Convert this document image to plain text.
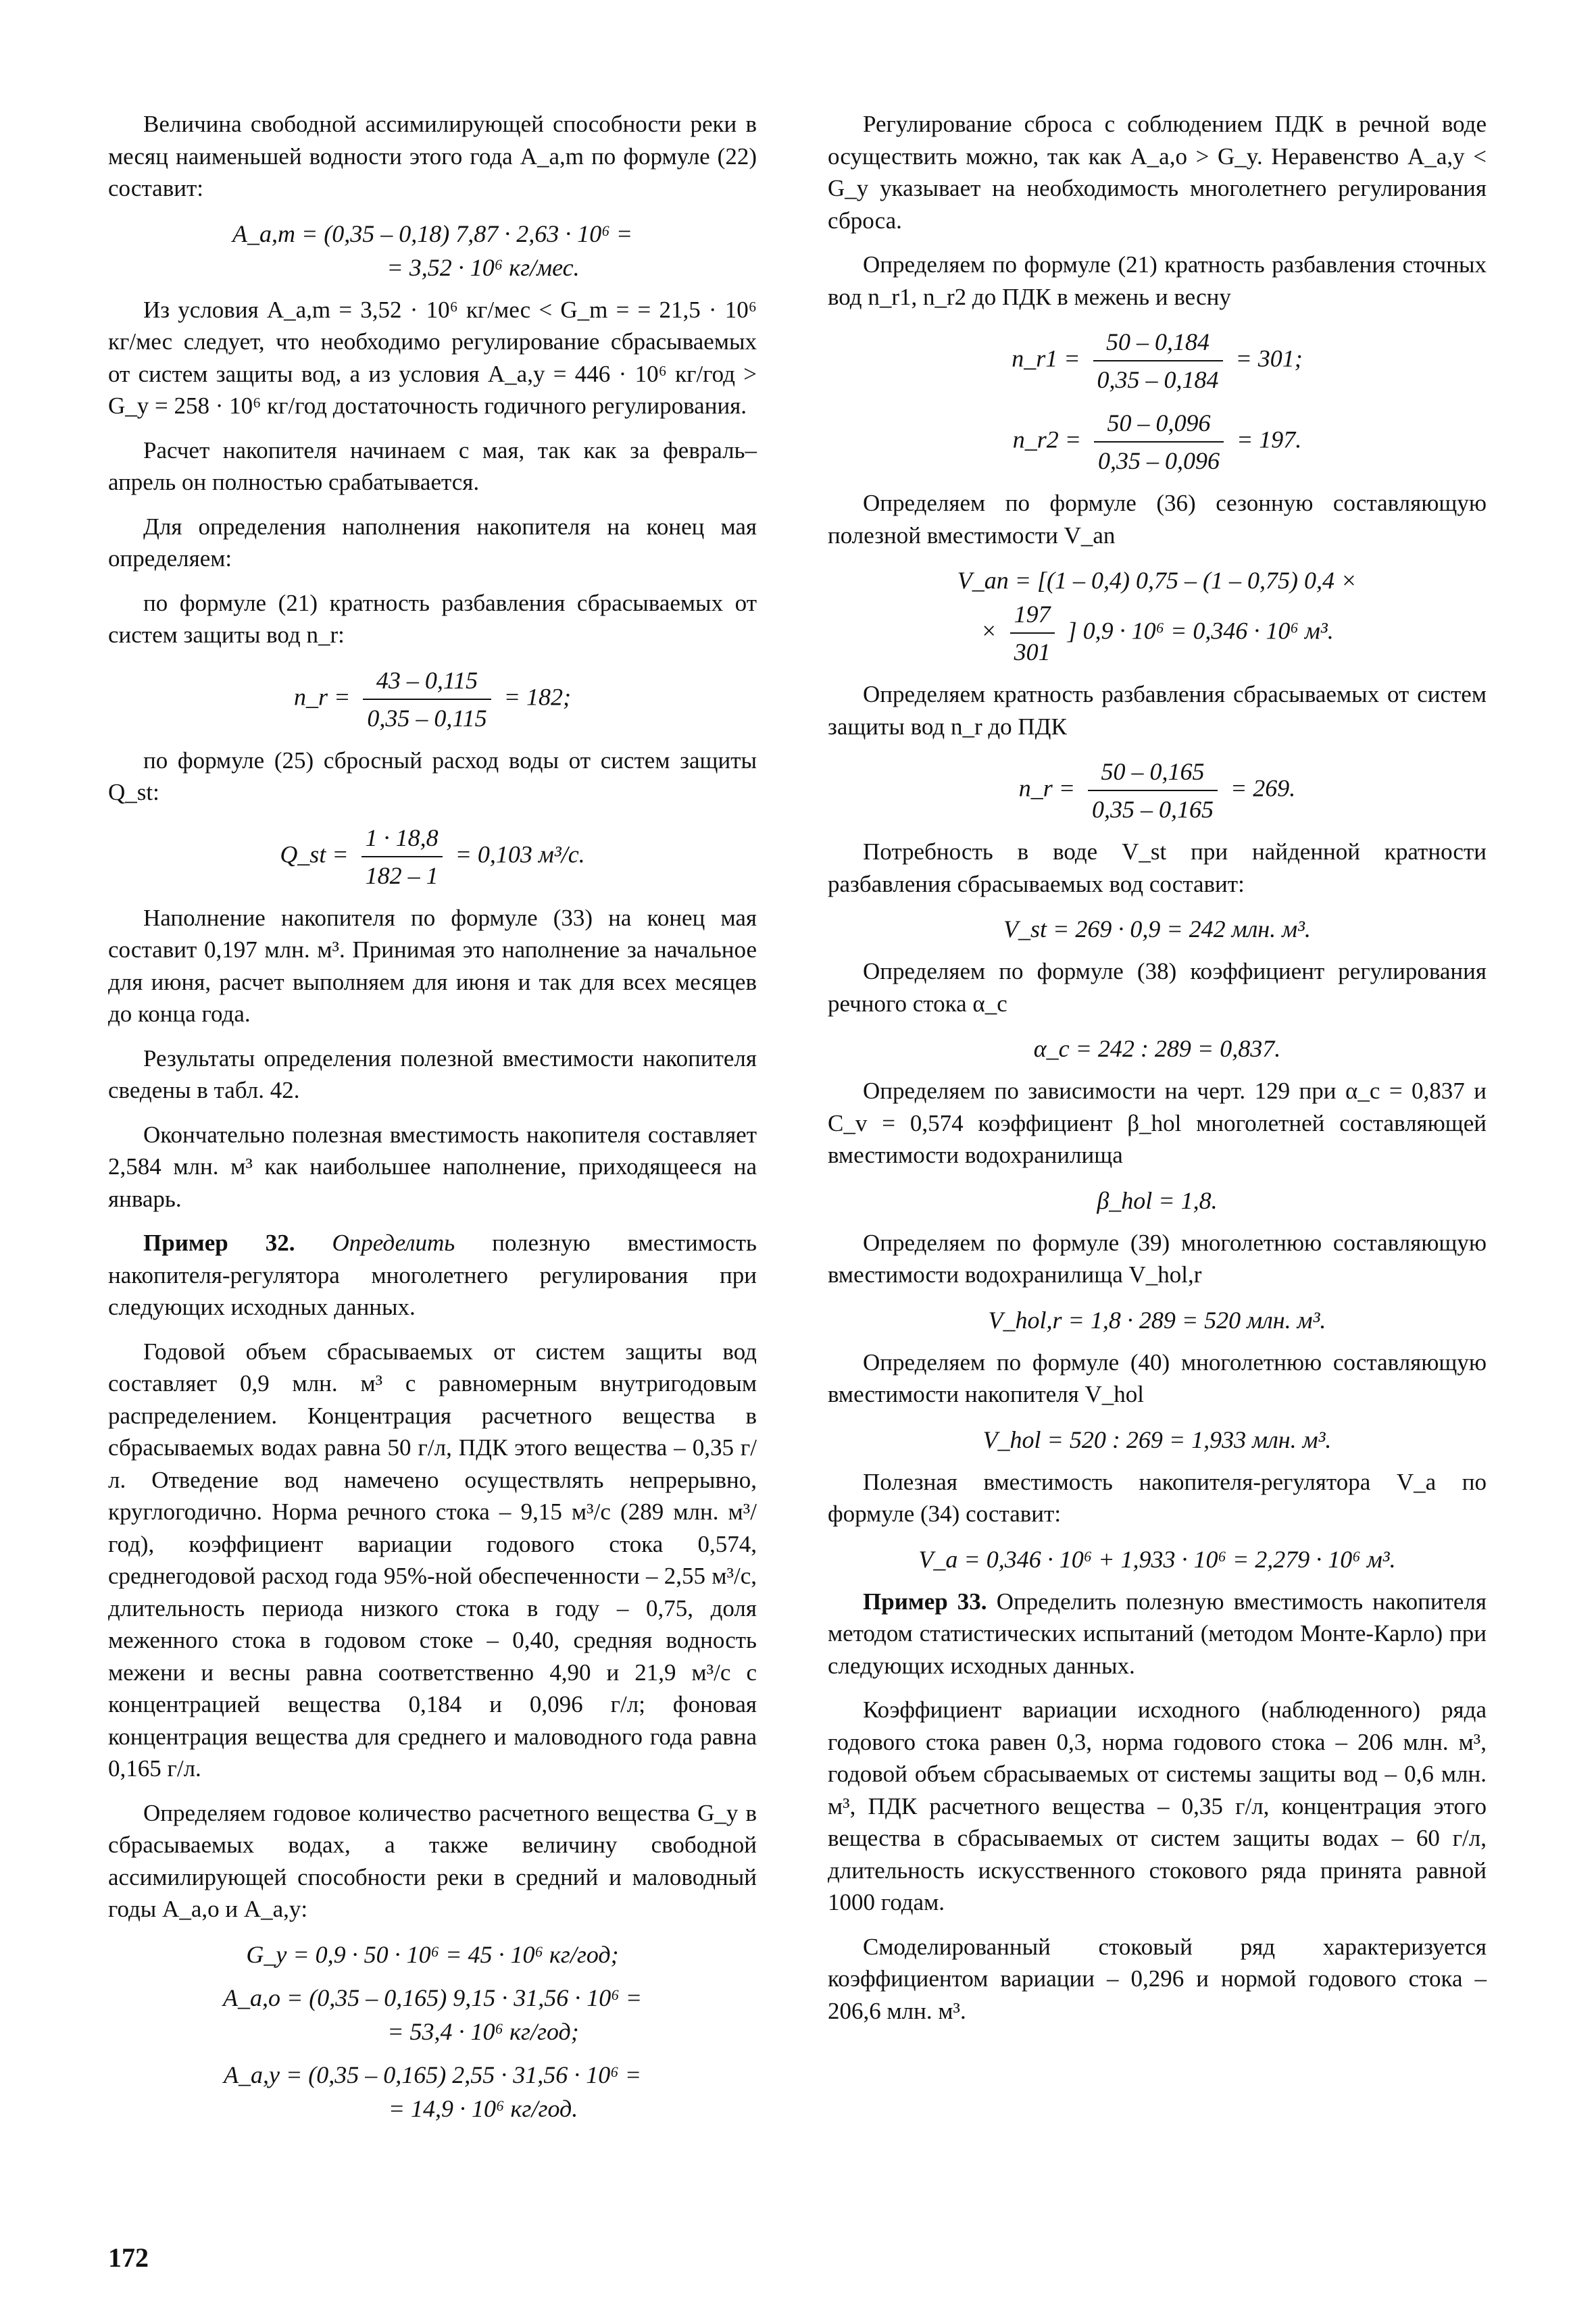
Величина свободной ассимилирующей способности реки в месяц наименьшей водности этого года A_a,m по формуле (22) составит:

A_a,m = (0,35 – 0,18) 7,87 · 2,63 · 10⁶ =
= 3,52 · 10⁶ кг/мес.

Из условия A_a,m = 3,52 · 10⁶ кг/мес < G_m = = 21,5 · 10⁶ кг/мес следует, что необходимо регулирование сбрасываемых от систем защиты вод, а из условия A_a,y = 446 · 10⁶ кг/год > G_y = 258 · 10⁶ кг/год достаточность годичного регулирования.

Расчет накопителя начинаем с мая, так как за февраль–апрель он полностью срабатывается.

Для определения наполнения накопителя на конец мая определяем:

по формуле (21) кратность разбавления сбрасываемых от систем защиты вод n_r:

n_r = $\frac{43 - 0,115}{0,35 - 0,115} = 182$;

по формуле (25) сбросный расход воды от систем защиты Q_st:

Q_st = $\frac{1 \cdot 18,8}{182 - 1} = 0,103$ м³/с.

Наполнение накопителя по формуле (33) на конец мая составит 0,197 млн. м³. Принимая это наполнение за начальное для июня, расчет выполняем для июня и так для всех месяцев до конца года.

Результаты определения полезной вместимости накопителя сведены в табл. 42.

Окончательно полезная вместимость накопителя составляет 2,584 млн. м³ как наибольшее наполнение, приходящееся на январь.

Пример 32. Определить полезную вместимость накопителя-регулятора многолетнего регулирования при следующих исходных данных.

Годовой объем сбрасываемых от систем защиты вод составляет 0,9 млн. м³ с равномерным внутригодовым распределением. Концентрация расчетного вещества в сбрасываемых водах равна 50 г/л, ПДК этого вещества – 0,35 г/л. Отведение вод намечено осуществлять непрерывно, круглогодично. Норма речного стока – 9,15 м³/с (289 млн. м³/год), коэффициент вариации годового стока 0,574, среднегодовой расход года 95%-ной обеспеченности – 2,55 м³/с, длительность периода низкого стока в году – 0,75, доля меженного стока в годовом стоке – 0,40, средняя водность межени и весны равна соответственно 4,90 и 21,9 м³/с с концентрацией вещества 0,184 и 0,096 г/л; фоновая концентрация вещества для среднего и маловодного года равна 0,165 г/л.

Определяем годовое количество расчетного вещества G_y в сбрасываемых водах, а также величину свободной ассимилирующей способности реки в средний и маловодный годы A_a,o и A_a,y:

G_y = 0,9 · 50 · 10⁶ = 45 · 10⁶ кг/год;
A_a,o = (0,35 – 0,165) 9,15 · 31,56 · 10⁶ =
= 53,4 · 10⁶ кг/год;
A_a,y = (0,35 – 0,165) 2,55 · 31,56 · 10⁶ =
= 14,9 · 10⁶ кг/год.

Регулирование сброса с соблюдением ПДК в речной воде осуществить можно, так как A_a,o > G_y. Неравенство A_a,y < G_y указывает на необходимость многолетнего регулирования сброса.

Определяем по формуле (21) кратность разбавления сточных вод n_r1, n_r2 до ПДК в межень и весну

n_r1 = $\frac{50 - 0,184}{0,35 - 0,184} = 301$;
n_r2 = $\frac{50 - 0,096}{0,35 - 0,096} = 197$.

Определяем по формуле (36) сезонную составляющую полезной вместимости V_an

V_an = [(1 – 0,4) 0,75 – (1 – 0,75) 0,4 ×
× $\frac{197}{301}$ ] 0,9 · 10⁶ = 0,346 · 10⁶ м³.

Определяем кратность разбавления сбрасываемых от систем защиты вод n_r до ПДК

n_r = $\frac{50 - 0,165}{0,35 - 0,165} = 269$.

Потребность в воде V_st при найденной кратности разбавления сбрасываемых вод составит:

V_st = 269 · 0,9 = 242 млн. м³.

Определяем по формуле (38) коэффициент регулирования речного стока α_c

α_c = 242 : 289 = 0,837.

Определяем по зависимости на черт. 129 при α_c = 0,837 и C_v = 0,574 коэффициент β_hol многолетней составляющей вместимости водохранилища

β_hol = 1,8.

Определяем по формуле (39) многолетнюю составляющую вместимости водохранилища V_hol,r

V_hol,r = 1,8 · 289 = 520 млн. м³.

Определяем по формуле (40) многолетнюю составляющую вместимости накопителя V_hol

V_hol = 520 : 269 = 1,933 млн. м³.

Полезная вместимость накопителя-регулятора V_a по формуле (34) составит:

V_a = 0,346 · 10⁶ + 1,933 · 10⁶ = 2,279 · 10⁶ м³.

Пример 33. Определить полезную вместимость накопителя методом статистических испытаний (методом Монте-Карло) при следующих исходных данных.

Коэффициент вариации исходного (наблюденного) ряда годового стока равен 0,3, норма годового стока – 206 млн. м³, годовой объем сбрасываемых от системы защиты вод – 0,6 млн. м³, ПДК расчетного вещества – 0,35 г/л, концентрация этого вещества в сбрасываемых от систем защиты водах – 60 г/л, длительность искусственного стокового ряда принята равной 1000 годам.

Смоделированный стоковый ряд характеризуется коэффициентом вариации – 0,296 и нормой годового стока – 206,6 млн. м³.

172
